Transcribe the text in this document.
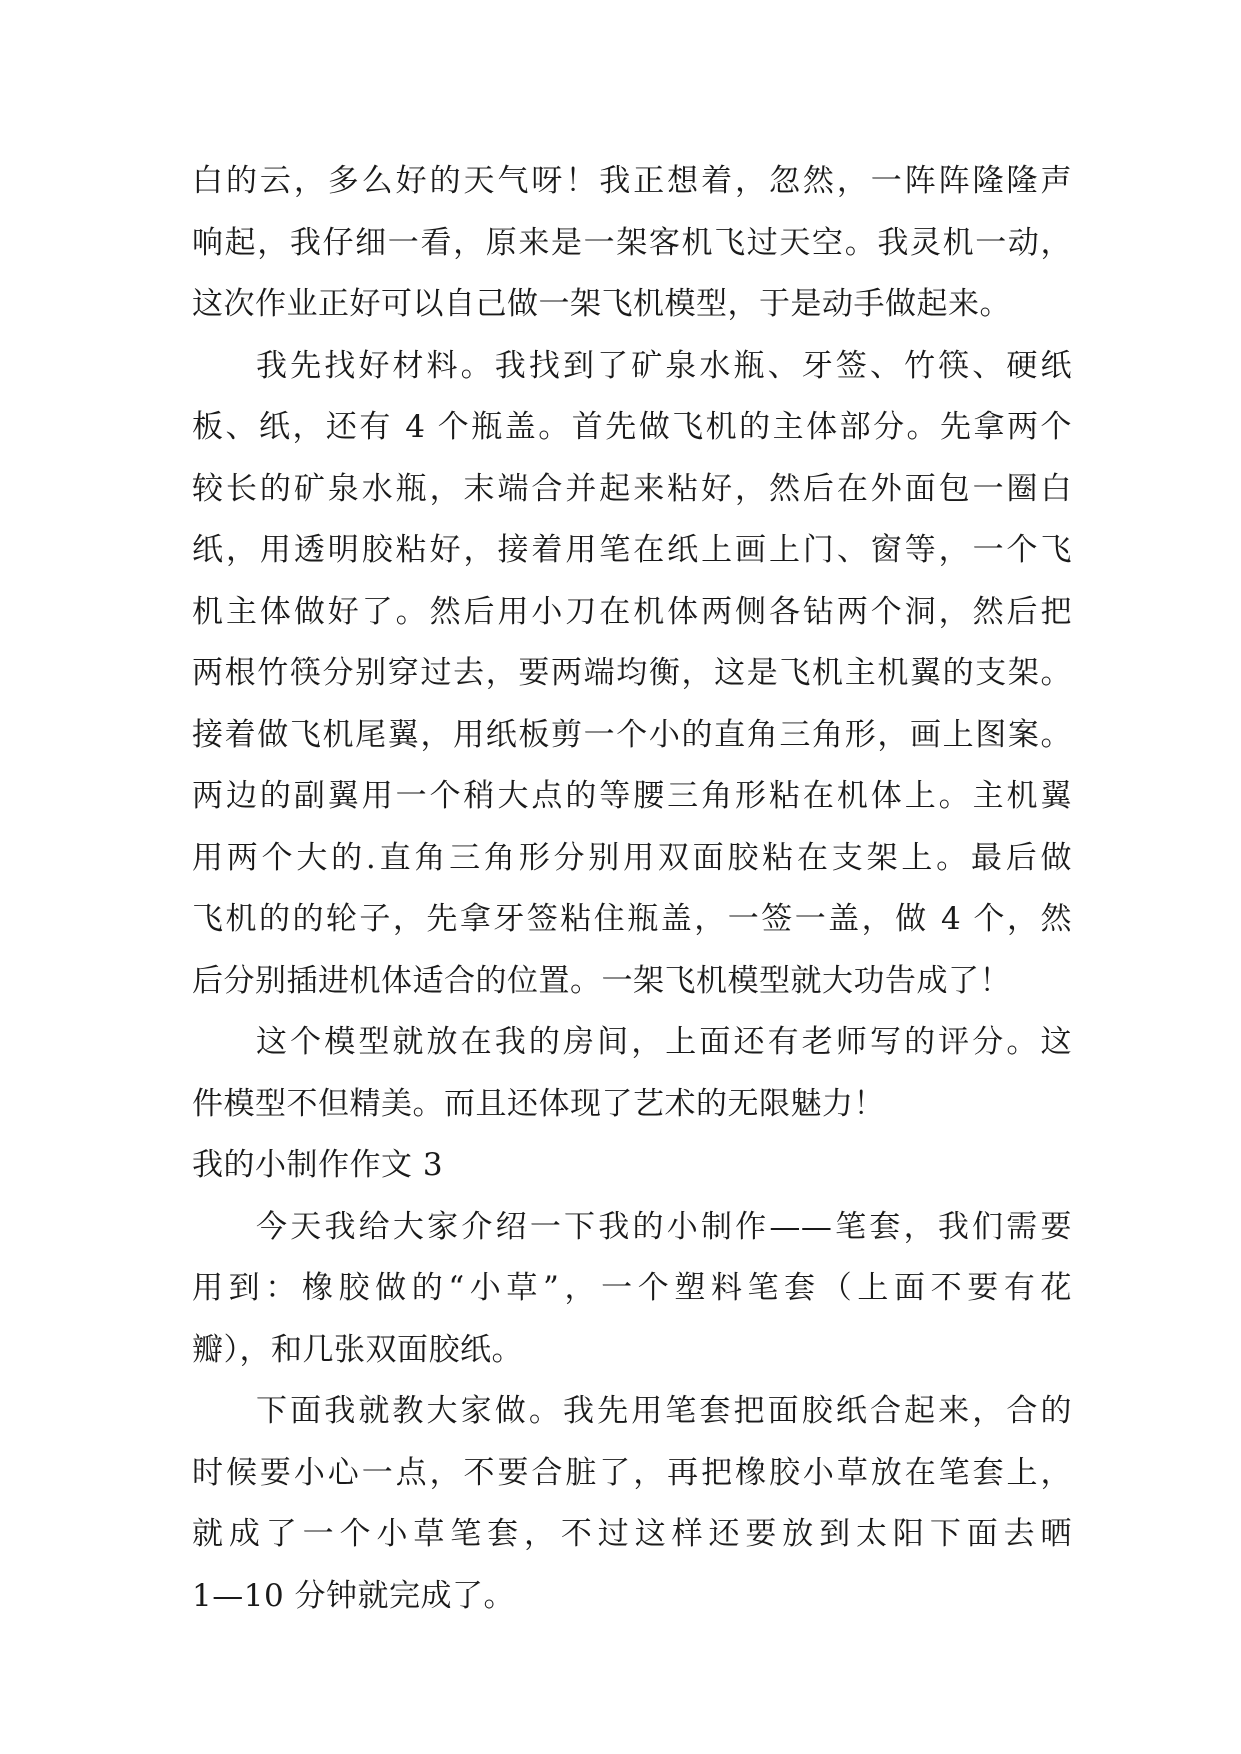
白的云，多么好的天气呀！我正想着，忽然，一阵阵隆隆声
响起，我仔细一看，原来是一架客机飞过天空。我灵机一动，
这次作业正好可以自己做一架飞机模型，于是动手做起来。
我先找好材料。我找到了矿泉水瓶、牙签、竹筷、硬纸
板、纸，还有 4 个瓶盖。首先做飞机的主体部分。先拿两个
较长的矿泉水瓶，末端合并起来粘好，然后在外面包一圈白
纸，用透明胶粘好，接着用笔在纸上画上门、窗等，一个飞
机主体做好了。然后用小刀在机体两侧各钻两个洞，然后把
两根竹筷分别穿过去，要两端均衡，这是飞机主机翼的支架。
接着做飞机尾翼，用纸板剪一个小的直角三角形，画上图案。
两边的副翼用一个稍大点的等腰三角形粘在机体上。主机翼
用两个大的.直角三角形分别用双面胶粘在支架上。最后做
飞机的的轮子，先拿牙签粘住瓶盖，一签一盖，做 4 个，然
后分别插进机体适合的位置。一架飞机模型就大功告成了！
这个模型就放在我的房间，上面还有老师写的评分。这
件模型不但精美。而且还体现了艺术的无限魅力！
我的小制作作文 3
今天我给大家介绍一下我的小制作——笔套，我们需要
用到：橡胶做的“小草”，一个塑料笔套（上面不要有花
瓣），和几张双面胶纸。
下面我就教大家做。我先用笔套把面胶纸合起来，合的
时候要小心一点，不要合脏了，再把橡胶小草放在笔套上，
就成了一个小草笔套，不过这样还要放到太阳下面去晒
1—10 分钟就完成了。
